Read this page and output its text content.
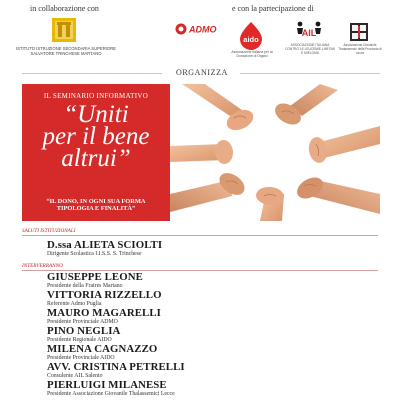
in collaborazione con	e con la partecipazione di
ISTITUTO ISTRUZIONE SECONDARIA SUPERIORE SALVATORE TRINCHESE MARTANO
ADMO
aido
Associazione Italiana per la Donazione di Organi
AIL
ASSOCIAZIONE ITALIANA CONTRO LE LEUCEMIE-LINFOMI E MIELOMA
Associazione Giovanile Thalassemici della Provincia di Lecce
ORGANIZZA
IL SEMINARIO INFORMATIVO
“Uniti
per il bene
altrui”
“IL DONO, IN OGNI SUA FORMA
TIPOLOGIA E FINALITÀ”
SALUTI ISTITUZIONALI
D.ssa ALIETA SCIOLTI
Dirigente Scolastica I.I.S.S. S. Trinchese
INTERVERRANNO
GIUSEPPE LEONE
Presidente della Fratres Martano
VITTORIA RIZZELLO
Referente Admo Puglia
MAURO MAGARELLI
Presidente Provinciale ADMO
PINO NEGLIA
Presidente Regionale AIDO
MILENA CAGNAZZO
Presidente Provinciale AIDO
AVV. CRISTINA PETRELLI
Consulente AIL Salento
PIERLUIGI MILANESE
Presidente Associazione Giovanile Thalassemici Lecce
